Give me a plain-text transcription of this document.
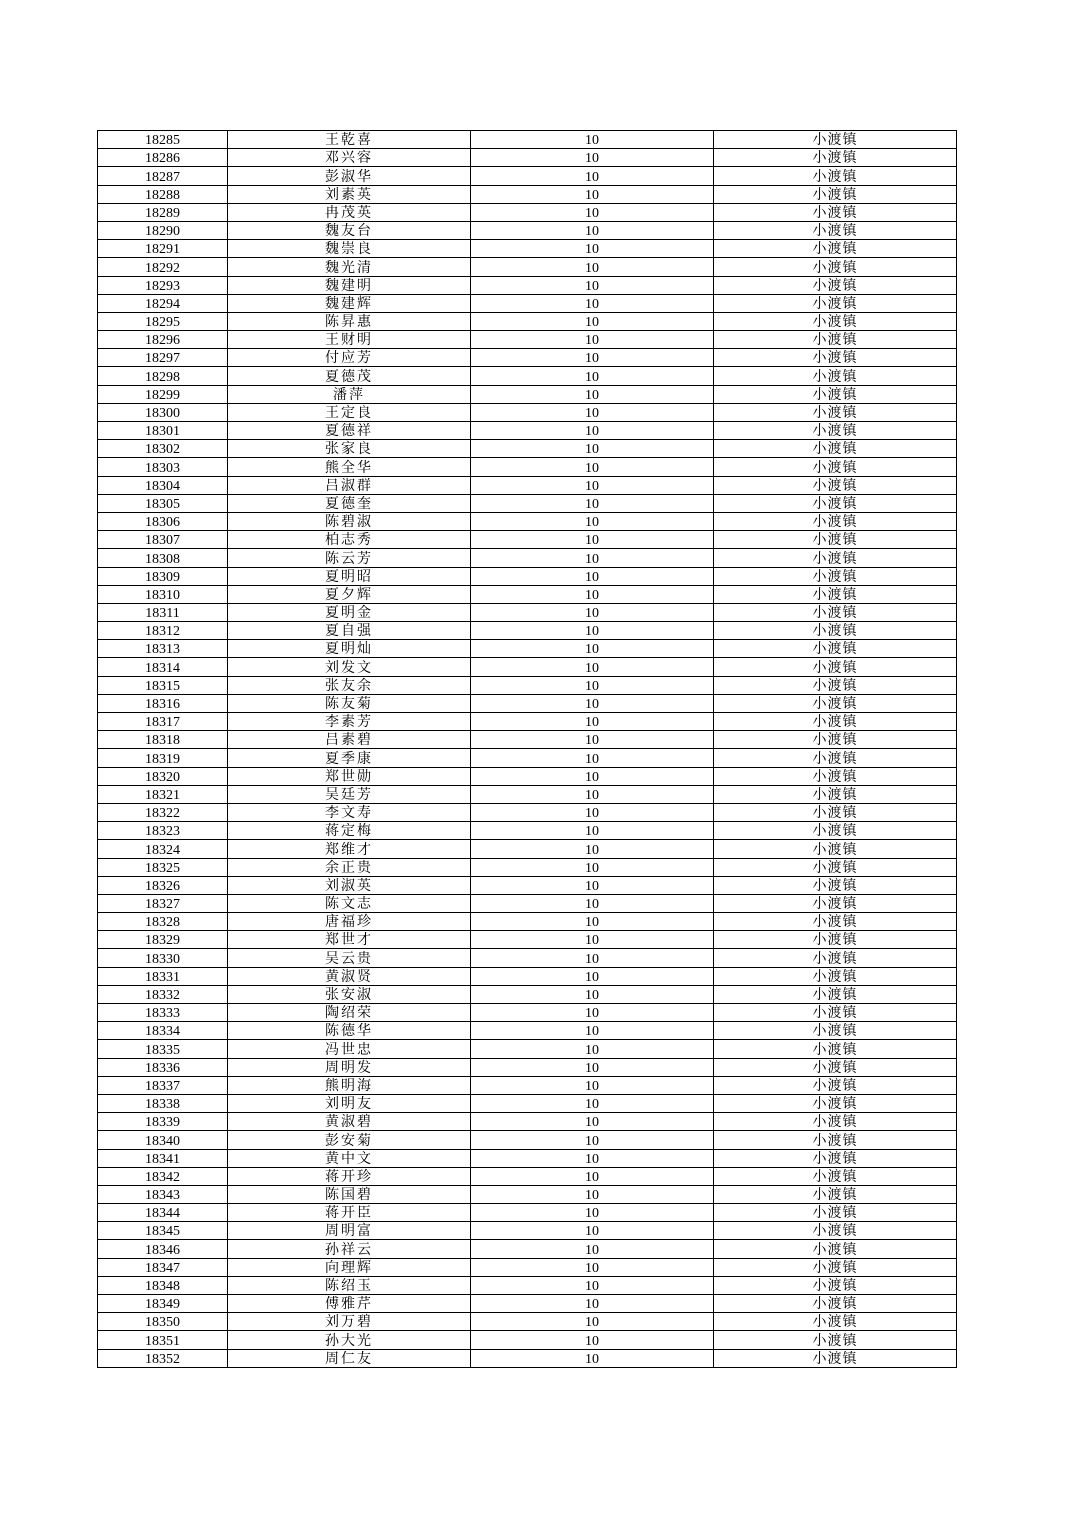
18285	王乾喜	10	小渡镇
18286	邓兴容	10	小渡镇
18287	彭淑华	10	小渡镇
18288	刘素英	10	小渡镇
18289	冉茂英	10	小渡镇
18290	魏友台	10	小渡镇
18291	魏崇良	10	小渡镇
18292	魏光清	10	小渡镇
18293	魏建明	10	小渡镇
18294	魏建辉	10	小渡镇
18295	陈昇惠	10	小渡镇
18296	王财明	10	小渡镇
18297	付应芳	10	小渡镇
18298	夏德茂	10	小渡镇
18299	潘萍	10	小渡镇
18300	王定良	10	小渡镇
18301	夏德祥	10	小渡镇
18302	张家良	10	小渡镇
18303	熊全华	10	小渡镇
18304	吕淑群	10	小渡镇
18305	夏德奎	10	小渡镇
18306	陈碧淑	10	小渡镇
18307	柏志秀	10	小渡镇
18308	陈云芳	10	小渡镇
18309	夏明昭	10	小渡镇
18310	夏夕辉	10	小渡镇
18311	夏明金	10	小渡镇
18312	夏自强	10	小渡镇
18313	夏明灿	10	小渡镇
18314	刘发文	10	小渡镇
18315	张友余	10	小渡镇
18316	陈友菊	10	小渡镇
18317	李素芳	10	小渡镇
18318	吕素碧	10	小渡镇
18319	夏季康	10	小渡镇
18320	郑世勋	10	小渡镇
18321	吴廷芳	10	小渡镇
18322	李文寿	10	小渡镇
18323	蒋定梅	10	小渡镇
18324	郑维才	10	小渡镇
18325	余正贵	10	小渡镇
18326	刘淑英	10	小渡镇
18327	陈文志	10	小渡镇
18328	唐福珍	10	小渡镇
18329	郑世才	10	小渡镇
18330	吴云贵	10	小渡镇
18331	黄淑贤	10	小渡镇
18332	张安淑	10	小渡镇
18333	陶绍荣	10	小渡镇
18334	陈德华	10	小渡镇
18335	冯世忠	10	小渡镇
18336	周明发	10	小渡镇
18337	熊明海	10	小渡镇
18338	刘明友	10	小渡镇
18339	黄淑碧	10	小渡镇
18340	彭安菊	10	小渡镇
18341	黄中文	10	小渡镇
18342	蒋开珍	10	小渡镇
18343	陈国碧	10	小渡镇
18344	蒋开臣	10	小渡镇
18345	周明富	10	小渡镇
18346	孙祥云	10	小渡镇
18347	向理辉	10	小渡镇
18348	陈绍玉	10	小渡镇
18349	傅雅芹	10	小渡镇
18350	刘万碧	10	小渡镇
18351	孙大光	10	小渡镇
18352	周仁友	10	小渡镇
